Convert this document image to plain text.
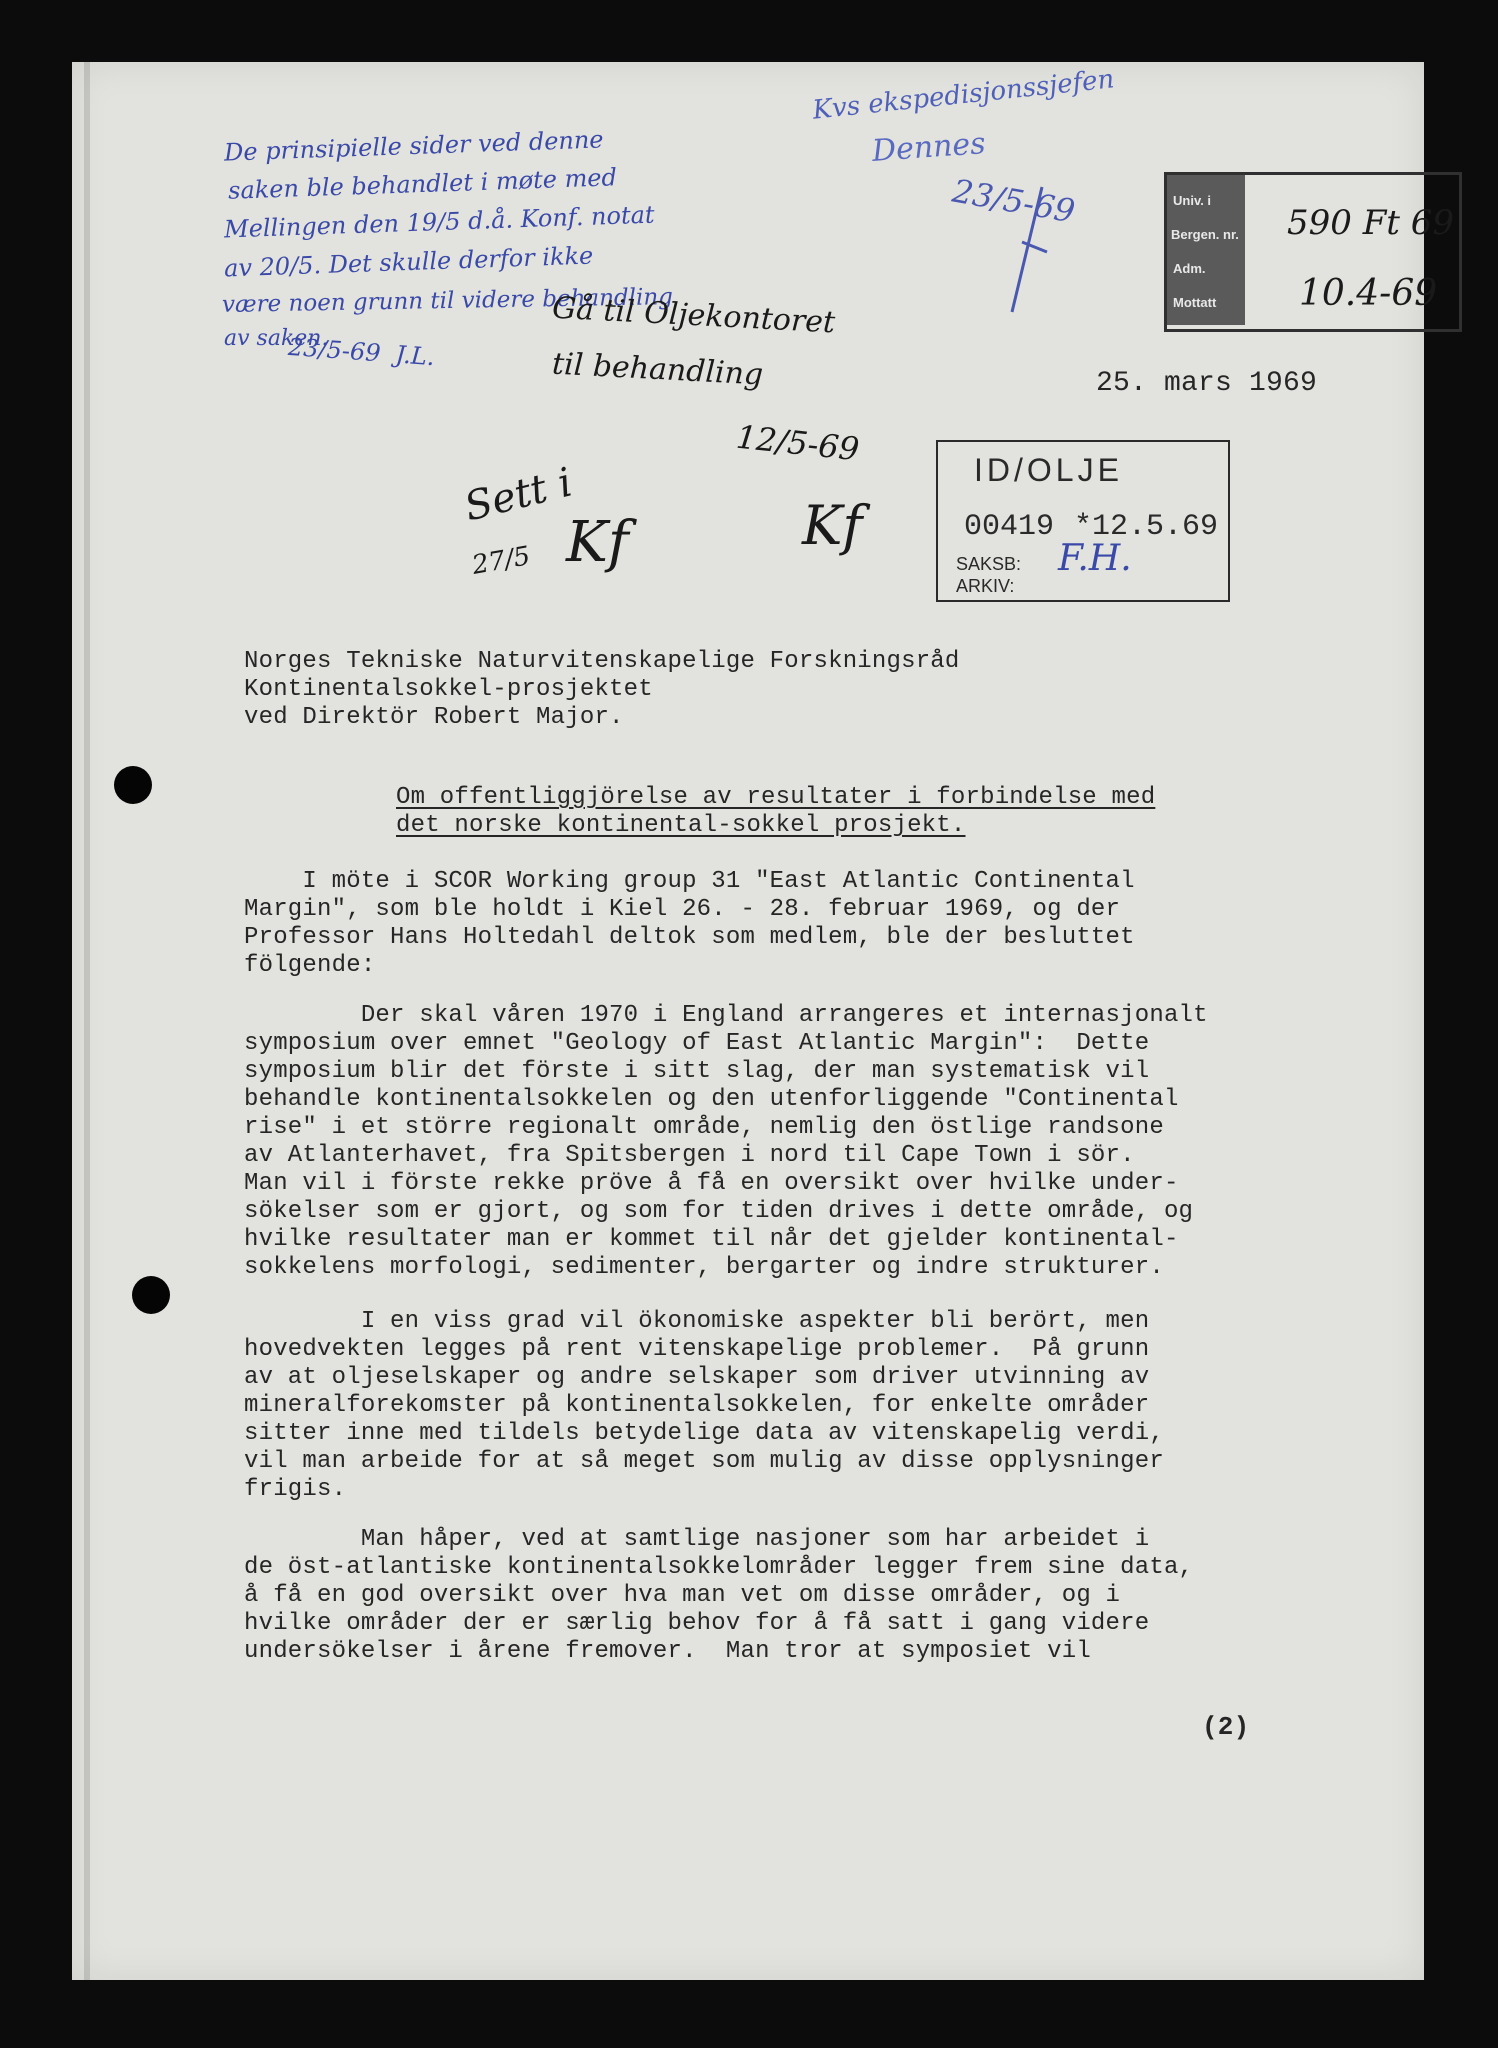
De prinsipielle sider ved denne
saken ble behandlet i møte med
Mellingen den 19/5 d.å. Konf. notat
av 20/5. Det skulle derfor ikke
være noen grunn til videre behandling
av saken.
23/5-69  J.L.
Kvs ekspedisjonssjefen
Dennes
23/5-69	Univ. i
Bergen. nr.
Adm.
Mottatt
590 Ft 69
10.4-69
Gå til Oljekontoret
til behandling
12/5-69
Sett i
27/5 Kf	Kf
25. mars 1969
ID/OLJE
00419 *12.5.69
SAKSB:
ARKIV:
F.H.
Norges Tekniske Naturvitenskapelige Forskningsråd
Kontinentalsokkel-prosjektet
ved Direktör Robert Major.
Om offentliggjörelse av resultater i forbindelse med
det norske kontinental-sokkel prosjekt.
I möte i SCOR Working group 31 "East Atlantic Continental
Margin", som ble holdt i Kiel 26. - 28. februar 1969, og der
Professor Hans Holtedahl deltok som medlem, ble der besluttet
fölgende:
Der skal våren 1970 i England arrangeres et internasjonalt
symposium over emnet "Geology of East Atlantic Margin":  Dette
symposium blir det förste i sitt slag, der man systematisk vil
behandle kontinentalsokkelen og den utenforliggende "Continental
rise" i et större regionalt område, nemlig den östlige randsone
av Atlanterhavet, fra Spitsbergen i nord til Cape Town i sör.
Man vil i förste rekke pröve å få en oversikt over hvilke under-
sökelser som er gjort, og som for tiden drives i dette område, og
hvilke resultater man er kommet til når det gjelder kontinental-
sokkelens morfologi, sedimenter, bergarter og indre strukturer.
I en viss grad vil ökonomiske aspekter bli berört, men
hovedvekten legges på rent vitenskapelige problemer.  På grunn
av at oljeselskaper og andre selskaper som driver utvinning av
mineralforekomster på kontinentalsokkelen, for enkelte områder
sitter inne med tildels betydelige data av vitenskapelig verdi,
vil man arbeide for at så meget som mulig av disse opplysninger
frigis.
Man håper, ved at samtlige nasjoner som har arbeidet i
de öst-atlantiske kontinentalsokkelområder legger frem sine data,
å få en god oversikt over hva man vet om disse områder, og i
hvilke områder der er særlig behov for å få satt i gang videre
undersökelser i årene fremover.  Man tror at symposiet vil
(2)
